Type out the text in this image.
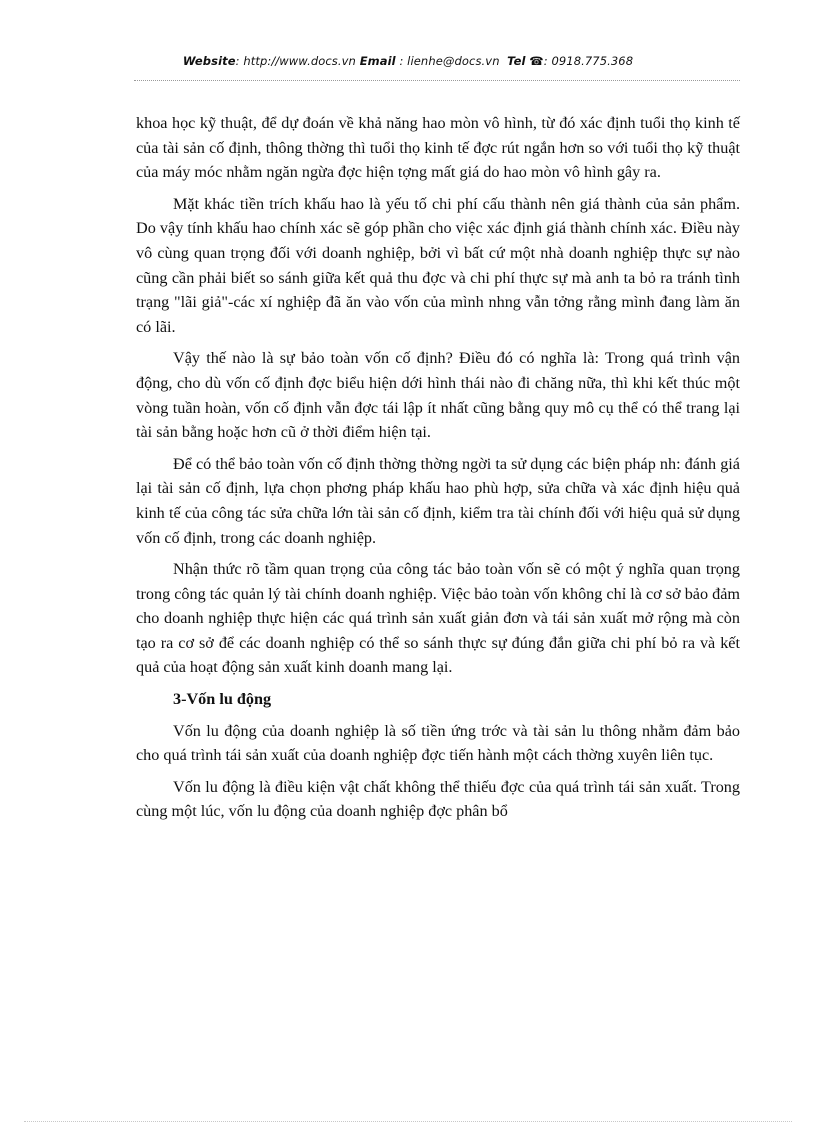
Website: http://www.docs.vn Email : lienhe@docs.vn Tel ☎: 0918.775.368

khoa học kỹ thuật, để dự đoán về khả năng hao mòn vô hình, từ đó xác định tuổi thọ kinh tế của tài sản cố định, thông thờng thì tuổi thọ kinh tế đợc rút ngắn hơn so với tuổi thọ kỹ thuật của máy móc nhằm ngăn ngừa đợc hiện tợng mất giá do hao mòn vô hình gây ra.

Mặt khác tiền trích khấu hao là yếu tố chi phí cấu thành nên giá thành của sản phẩm. Do vậy tính khấu hao chính xác sẽ góp phần cho việc xác định giá thành chính xác. Điều này vô cùng quan trọng đối với doanh nghiệp, bởi vì bất cứ một nhà doanh nghiệp thực sự nào cũng cần phải biết so sánh giữa kết quả thu đợc và chi phí thực sự mà anh ta bỏ ra tránh tình trạng "lãi giả"-các xí nghiệp đã ăn vào vốn của mình nhng vẫn tởng rằng mình đang làm ăn có lãi.

Vậy thế nào là sự bảo toàn vốn cố định? Điều đó có nghĩa là: Trong quá trình vận động, cho dù vốn cố định đợc biểu hiện dới hình thái nào đi chăng nữa, thì khi kết thúc một vòng tuần hoàn, vốn cố định vẫn đợc tái lập ít nhất cũng bằng quy mô cụ thể có thể trang lại tài sản bằng hoặc hơn cũ ở thời điểm hiện tại.

Để có thể bảo toàn vốn cố định thờng thờng ngời ta sử dụng các biện pháp nh: đánh giá lại tài sản cố định, lựa chọn phơng pháp khấu hao phù hợp, sửa chữa và xác định hiệu quả kinh tế của công tác sửa chữa lớn tài sản cố định, kiểm tra tài chính đối với hiệu quả sử dụng vốn cố định, trong các doanh nghiệp.

Nhận thức rõ tầm quan trọng của công tác bảo toàn vốn sẽ có một ý nghĩa quan trọng trong công tác quản lý tài chính doanh nghiệp. Việc bảo toàn vốn không chỉ là cơ sở bảo đảm cho doanh nghiệp thực hiện các quá trình sản xuất giản đơn và tái sản xuất mở rộng mà còn tạo ra cơ sở để các doanh nghiệp có thể so sánh thực sự đúng đắn giữa chi phí bỏ ra và kết quả của hoạt động sản xuất kinh doanh mang lại.

3-Vốn lu động

Vốn lu động của doanh nghiệp là số tiền ứng trớc và tài sản lu thông nhằm đảm bảo cho quá trình tái sản xuất của doanh nghiệp đợc tiến hành một cách thờng xuyên liên tục.

Vốn lu động là điều kiện vật chất không thể thiếu đợc của quá trình tái sản xuất. Trong cùng một lúc, vốn lu động của doanh nghiệp đợc phân bổ
